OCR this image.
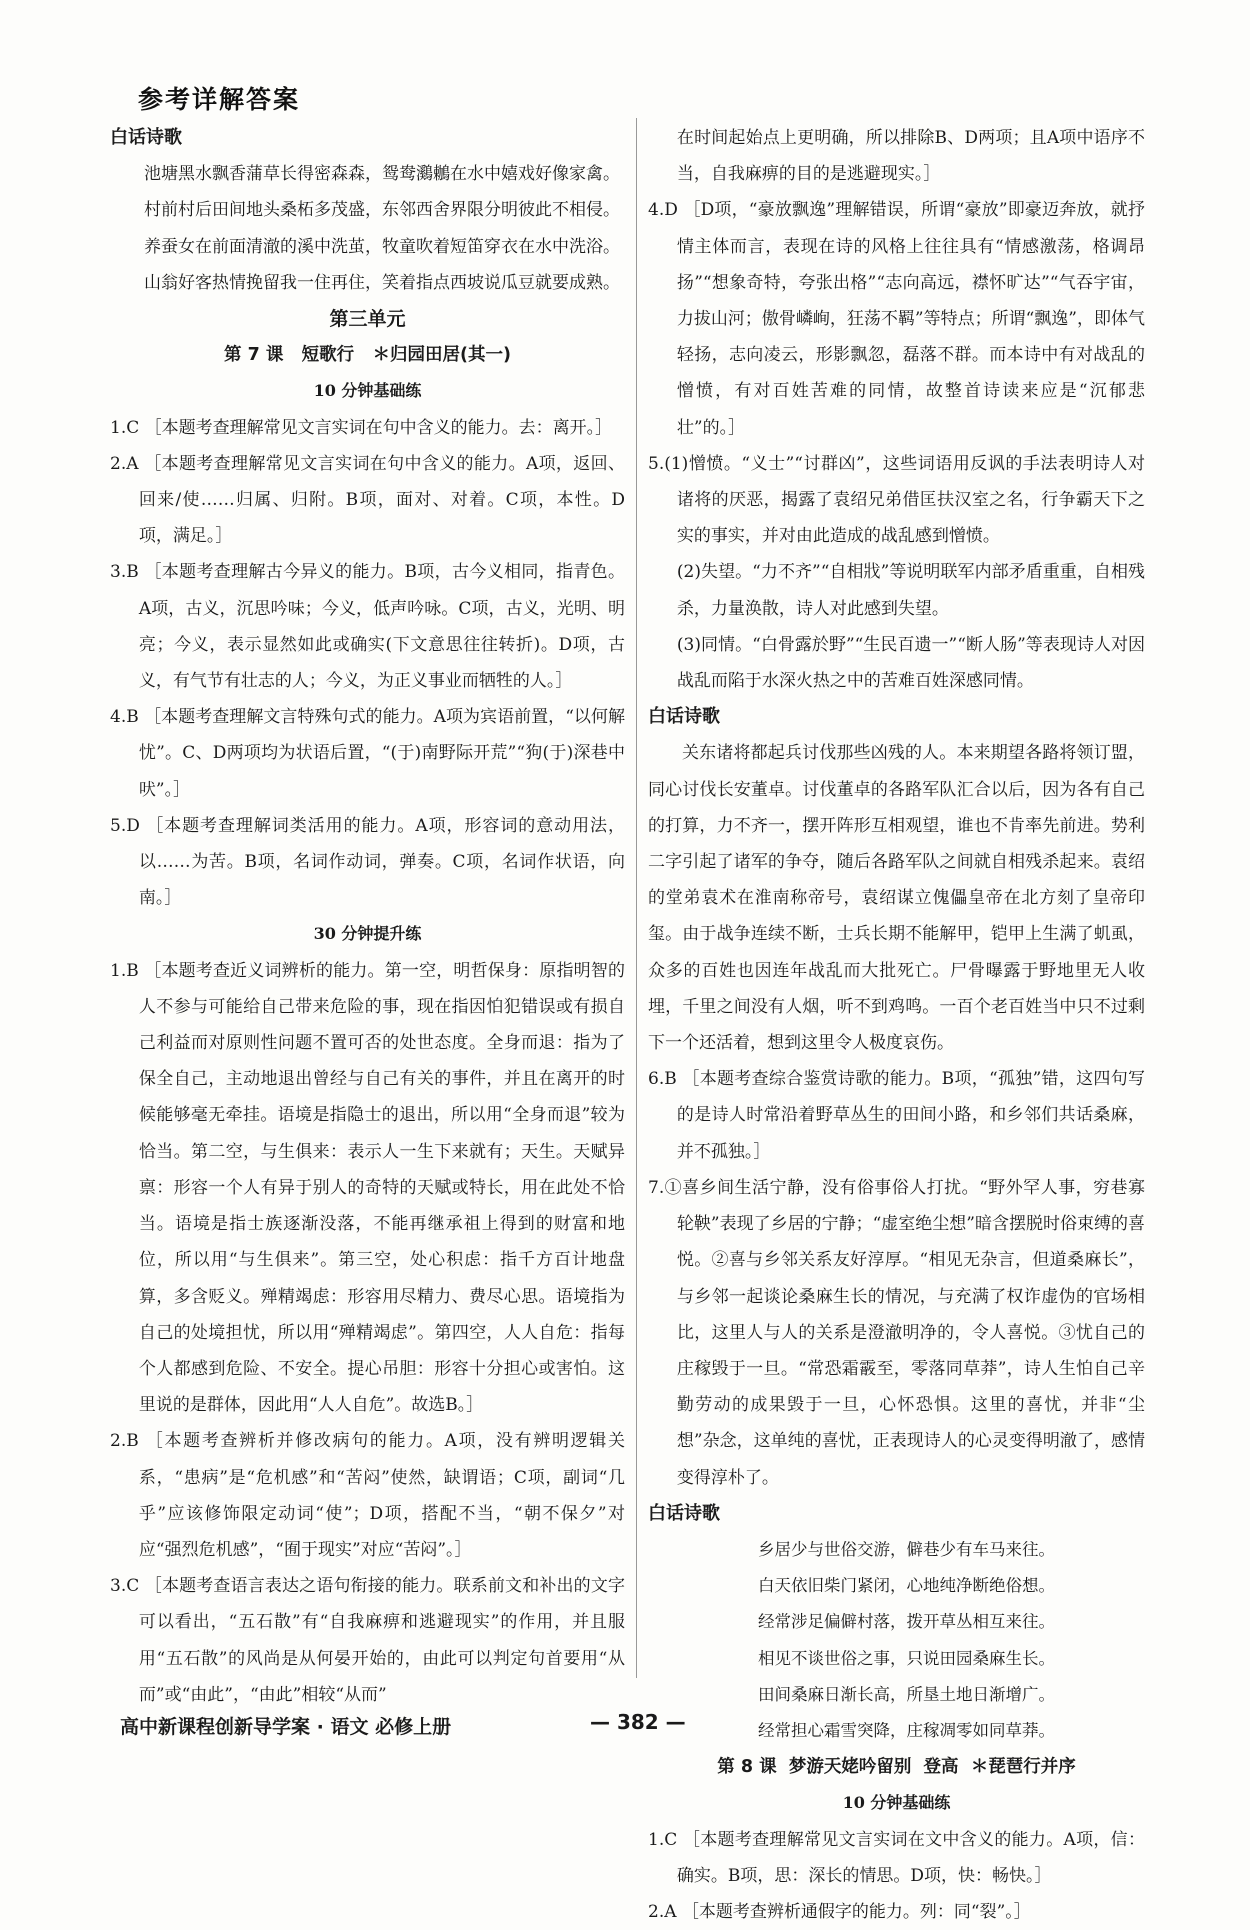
参考详解答案

白话诗歌

池塘黑水飘香蒲草长得密森森，鸳鸯鸂鶒在水中嬉戏好像家禽。

村前村后田间地头桑柘多茂盛，东邻西舍界限分明彼此不相侵。

养蚕女在前面清澈的溪中洗茧，牧童吹着短笛穿衣在水中洗浴。

山翁好客热情挽留我一住再住，笑着指点西坡说瓜豆就要成熟。

第三单元

第 7 课   短歌行   ＊归园田居(其一)

10 分钟基础练

1.C ［本题考查理解常见文言实词在句中含义的能力。去：离开。］

2.A ［本题考查理解常见文言实词在句中含义的能力。A项，返回、回来/使……归属、归附。B项，面对、对着。C项，本性。D项，满足。］

3.B ［本题考查理解古今异义的能力。B项，古今义相同，指青色。A项，古义，沉思吟味；今义，低声吟咏。C项，古义，光明、明亮；今义，表示显然如此或确实(下文意思往往转折)。D项，古义，有气节有壮志的人；今义，为正义事业而牺牲的人。］

4.B ［本题考查理解文言特殊句式的能力。A项为宾语前置，“以何解忧”。C、D两项均为状语后置，“(于)南野际开荒”“狗(于)深巷中吠”。］

5.D ［本题考查理解词类活用的能力。A项，形容词的意动用法，以……为苦。B项，名词作动词，弹奏。C项，名词作状语，向南。］

30 分钟提升练

1.B ［本题考查近义词辨析的能力。第一空，明哲保身：原指明智的人不参与可能给自己带来危险的事，现在指因怕犯错误或有损自己利益而对原则性问题不置可否的处世态度。全身而退：指为了保全自己，主动地退出曾经与自己有关的事件，并且在离开的时候能够毫无牵挂。语境是指隐士的退出，所以用“全身而退”较为恰当。第二空，与生俱来：表示人一生下来就有；天生。天赋异禀：形容一个人有异于别人的奇特的天赋或特长，用在此处不恰当。语境是指士族逐渐没落，不能再继承祖上得到的财富和地位，所以用“与生俱来”。第三空，处心积虑：指千方百计地盘算，多含贬义。殚精竭虑：形容用尽精力、费尽心思。语境指为自己的处境担忧，所以用“殚精竭虑”。第四空，人人自危：指每个人都感到危险、不安全。提心吊胆：形容十分担心或害怕。这里说的是群体，因此用“人人自危”。故选B。］

2.B ［本题考查辨析并修改病句的能力。A项，没有辨明逻辑关系，“患病”是“危机感”和“苦闷”使然，缺谓语；C项，副词“几乎”应该修饰限定动词“使”；D项，搭配不当，“朝不保夕”对应“强烈危机感”，“囿于现实”对应“苦闷”。］

3.C ［本题考查语言表达之语句衔接的能力。联系前文和补出的文字可以看出，“五石散”有“自我麻痹和逃避现实”的作用，并且服用“五石散”的风尚是从何晏开始的，由此可以判定句首要用“从而”或“由此”，“由此”相较“从而”

在时间起始点上更明确，所以排除B、D两项；且A项中语序不当，自我麻痹的目的是逃避现实。］

4.D ［D项，“豪放飘逸”理解错误，所谓“豪放”即豪迈奔放，就抒情主体而言，表现在诗的风格上往往具有“情感激荡，格调昂扬”“想象奇特，夸张出格”“志向高远，襟怀旷达”“气吞宇宙，力拔山河；傲骨嶙峋，狂荡不羁”等特点；所谓“飘逸”，即体气轻扬，志向凌云，形影飘忽，磊落不群。而本诗中有对战乱的憎愤，有对百姓苦难的同情，故整首诗读来应是“沉郁悲壮”的。］

5.(1)憎愤。“义士”“讨群凶”，这些词语用反讽的手法表明诗人对诸将的厌恶，揭露了袁绍兄弟借匡扶汉室之名，行争霸天下之实的事实，并对由此造成的战乱感到憎愤。

(2)失望。“力不齐”“自相戕”等说明联军内部矛盾重重，自相残杀，力量涣散，诗人对此感到失望。

(3)同情。“白骨露於野”“生民百遗一”“断人肠”等表现诗人对因战乱而陷于水深火热之中的苦难百姓深感同情。

白话诗歌

关东诸将都起兵讨伐那些凶残的人。本来期望各路将领订盟，同心讨伐长安董卓。讨伐董卓的各路军队汇合以后，因为各有自己的打算，力不齐一，摆开阵形互相观望，谁也不肯率先前进。势利二字引起了诸军的争夺，随后各路军队之间就自相残杀起来。袁绍的堂弟袁术在淮南称帝号，袁绍谋立傀儡皇帝在北方刻了皇帝印玺。由于战争连续不断，士兵长期不能解甲，铠甲上生满了虮虱，众多的百姓也因连年战乱而大批死亡。尸骨曝露于野地里无人收埋，千里之间没有人烟，听不到鸡鸣。一百个老百姓当中只不过剩下一个还活着，想到这里令人极度哀伤。

6.B ［本题考查综合鉴赏诗歌的能力。B项，“孤独”错，这四句写的是诗人时常沿着野草丛生的田间小路，和乡邻们共话桑麻，并不孤独。］

7.①喜乡间生活宁静，没有俗事俗人打扰。“野外罕人事，穷巷寡轮鞅”表现了乡居的宁静；“虚室绝尘想”暗含摆脱时俗束缚的喜悦。②喜与乡邻关系友好淳厚。“相见无杂言，但道桑麻长”，与乡邻一起谈论桑麻生长的情况，与充满了权诈虚伪的官场相比，这里人与人的关系是澄澈明净的，令人喜悦。③忧自己的庄稼毁于一旦。“常恐霜霰至，零落同草莽”，诗人生怕自己辛勤劳动的成果毁于一旦，心怀恐惧。这里的喜忧，并非“尘想”杂念，这单纯的喜忧，正表现诗人的心灵变得明澈了，感情变得淳朴了。

白话诗歌

乡居少与世俗交游，僻巷少有车马来往。

白天依旧柴门紧闭，心地纯净断绝俗想。

经常涉足偏僻村落，拨开草丛相互来往。

相见不谈世俗之事，只说田园桑麻生长。

田间桑麻日渐长高，所垦土地日渐增广。

经常担心霜雪突降，庄稼凋零如同草莽。

第 8 课  梦游天姥吟留别  登高  ＊琵琶行并序

10 分钟基础练

1.C ［本题考查理解常见文言实词在文中含义的能力。A项，信：确实。B项，思：深长的情思。D项，快：畅快。］

2.A ［本题考查辨析通假字的能力。列：同“裂”。］

高中新课程创新导学案 · 语文 必修上册	— 382 —
